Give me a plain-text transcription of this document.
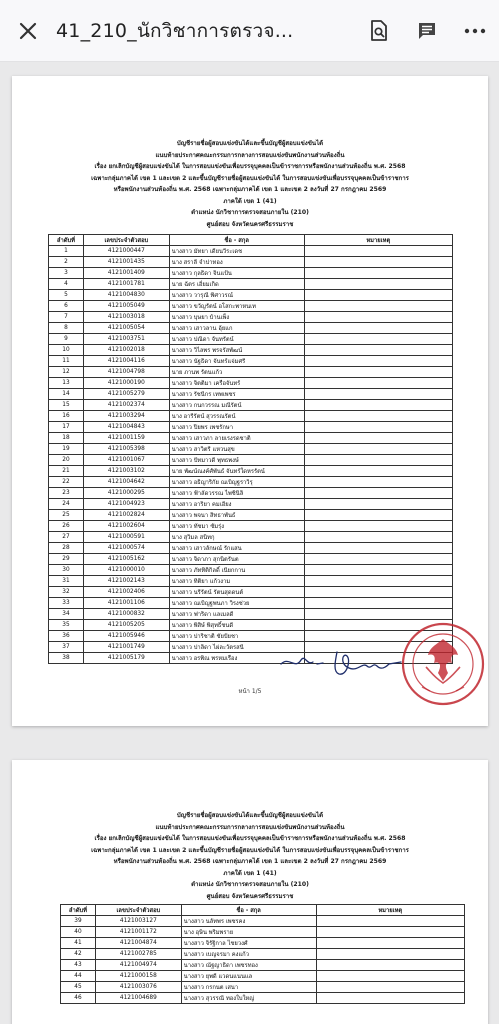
41_210_นักวิชาการตรวจ...
บัญชีรายชื่อผู้สอบแข่งขันได้และขึ้นบัญชีผู้สอบแข่งขันได้
แนบท้ายประกาศคณะกรรมการกลางการสอบแข่งขันพนักงานส่วนท้องถิ่น
เรื่อง ยกเลิกบัญชีผู้สอบแข่งขันได้ ในการสอบแข่งขันเพื่อบรรจุบุคคลเป็นข้าราชการหรือพนักงานส่วนท้องถิ่น พ.ศ. 2568
เฉพาะกลุ่มภาคได้ เขต 1 และเขต 2 และขึ้นบัญชีรายชื่อผู้สอบแข่งขันได้ ในการสอบแข่งขันเพื่อบรรจุบุคคลเป็นข้าราชการ
หรือพนักงานส่วนท้องถิ่น พ.ศ. 2568 เฉพาะกลุ่มภาคได้ เขต 1 และเขต 2 ลงวันที่ 27 กรกฎาคม 2569
ภาคใต้ เขต 1 (41)
ตำแหน่ง นักวิชาการตรวจสอบภายใน (210)
ศูนย์สอบ จังหวัดนครศรีธรรมราช
ลำดับที่	เลขประจำตัวสอบ	ชื่อ - สกุล	หมายเหตุ
1	4121000447	นางสาว มัทยา เดียนวีระเดช	
2	4121001435	นาง สราลี จำปาทอง	
3	4121001409	นางสาว กุลธิดา จินแป้น	
4	4121001781	นาย ฉัตร เอี่ยมเกิด	
5	4121004830	นางสาว วารุณี พิศาวรณ์	
6	4121005049	นางสาว ขวัญรัตน์ อโสกะพาหนเท	
7	4121003018	นางสาว บุษยา บ้านเพ็ง	
8	4121005054	นางสาว เสาวลาน อุ้ยแก	
9	4121003751	นางสาว ปณิดา จันทรัตน์	
10	4121002018	นางสาว วิไลพร พรจรัสพัฒน์	
11	4121004116	นางสาว นัฐธิดา จันทร์แจ่มศรี	
12	4121004798	นาย ภานพ รัตนแก้ว	
13	4121000190	นางสาว จิตติมา เครือจันทร์	
14	4121005279	นางสาว รัชนีกร เทพเพชร	
15	4121002374	นางสาว กนกวรรณ มณีรัตน์	
16	4121003294	นาง อารีรัตน์ สุวรรณรัตน์	
17	4121004843	นางสาว ปิยพร เพชรักษา	
18	4121001159	นางสาว เสาวภา ลายเรงรดชาติ	
19	4121005398	นางสาว สาวิตรี แหวนสุข	
20	4121001067	นางสาว ปัทมาวดี พุทธพงษ์	
21	4121003102	นาย พัฒน์ณงค์ศ์พันธ์ จันทร์ใดหรรัตน์	
22	4121004642	นางสาว อธิญาริกัย ณเบิญฐราวิรุ	
23	4121000295	นางสาว ฟ้าลัดวรรณ ไพชินิลิ	
24	4121004923	นางสาว อาริยา คมเอียง	
25	4121002824	นางสาว พจนา สิทธาพันธ์	
26	4121002604	นางสาว ทัชมา ซัมรุ่ง	
27	4121000591	นาง สุวิมล สนิทกุ	
28	4121000574	นางสาว เสาวลักษณ์ รักแสน	
29	4121005162	นางสาว จิดาภา สุกนิตรันต	
30	4121000010	นางสาว ภัททิติกิลดิ์ เนียกกาน	
31	4121002143	นางสาว ทิติยา แก้วงาม	
32	4121002406	นางสาว นรีรัตน์ รัตนสุดดนต์	
33	4121001106	นางสาว ณเบิญฐพนภา วิรงช่วย	
34	4121000832	นางสาว ฟาริดา แลเมลดี	
35	4121005205	นางสาว พิสิษ์ พิสุทธิ์ชนดี	
36	4121005946	นางสาว ปาริชาติ ชัยปัยชา	
37	4121001749	นางสาว ปาลิดา ไผ่ละวัตรสนี	
38	4121005179	นางสาว อรพิณ พรหมเรือง	
หน้า 1/5
บัญชีรายชื่อผู้สอบแข่งขันได้และขึ้นบัญชีผู้สอบแข่งขันได้
แนบท้ายประกาศคณะกรรมการกลางการสอบแข่งขันพนักงานส่วนท้องถิ่น
เรื่อง ยกเลิกบัญชีผู้สอบแข่งขันได้ ในการสอบแข่งขันเพื่อบรรจุบุคคลเป็นข้าราชการหรือพนักงานส่วนท้องถิ่น พ.ศ. 2568
เฉพาะกลุ่มภาคได้ เขต 1 และเขต 2 และขึ้นบัญชีรายชื่อผู้สอบแข่งขันได้ ในการสอบแข่งขันเพื่อบรรจุบุคคลเป็นข้าราชการ
หรือพนักงานส่วนท้องถิ่น พ.ศ. 2568 เฉพาะกลุ่มภาคได้ เขต 1 และเขต 2 ลงวันที่ 27 กรกฎาคม 2569
ภาคใต้ เขต 1 (41)
ตำแหน่ง นักวิชาการตรวจสอบภายใน (210)
ศูนย์สอบ จังหวัดนครศรีธรรมราช
ลำดับที่	เลขประจำตัวสอบ	ชื่อ - สกุล	หมายเหตุ
39	4121003127	นางสาว นลัทพร เพชรคง	
40	4121001172	นาง อุษิน พริมพราย	
41	4121004874	นางสาว จิรัฐิกาล ไชยวงศ์	
42	4121002785	นางสาว เบญจรมา คงแก้ว	
43	4121004974	นางสาว ณัฐญาธิดา เพชรทอง	
44	4121000158	นางสาว ยุพดี แวดนแนนแล	
45	4121003076	นางสาว กรกนต เสนา	
46	4121004689	นางสาว สุวรรณี ทองใบใหญ่	
